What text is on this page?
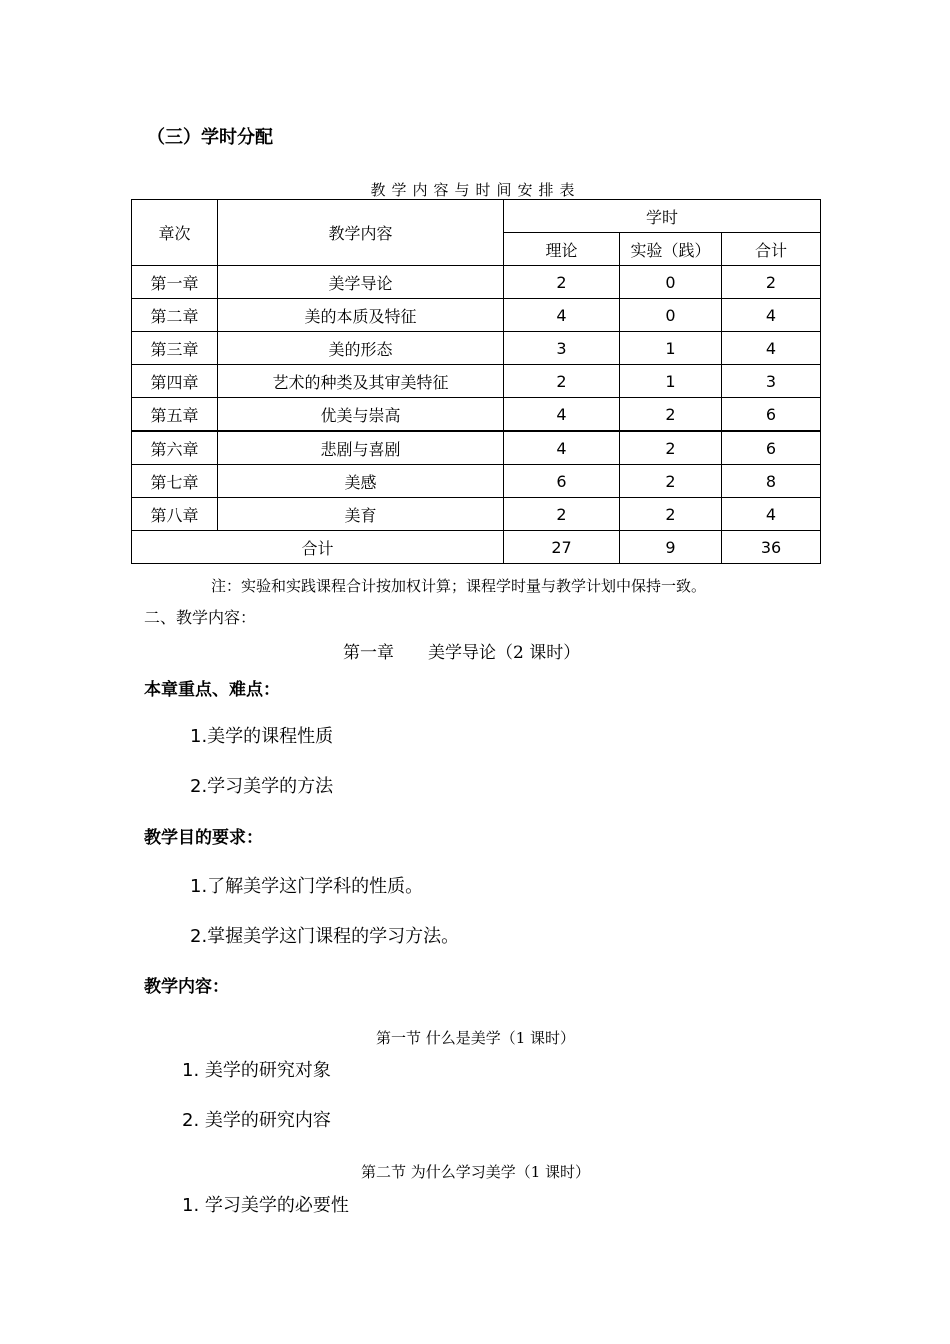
（三）学时分配
教学内容与时间安排表
章次	教学内容	学时		
		理论	实验（践）	合计
第一章	美学导论	2	0	2
第二章	美的本质及特征	4	0	4
第三章	美的形态	3	1	4
第四章	艺术的种类及其审美特征	2	1	3
第五章	优美与崇高	4	2	6
第六章	悲剧与喜剧	4	2	6
第七章	美感	6	2	8
第八章	美育	2	2	4
合计		27	9	36
注：实验和实践课程合计按加权计算；课程学时量与教学计划中保持一致。
二、教学内容：
第一章　　美学导论（2 课时）
本章重点、难点：
1.美学的课程性质
2.学习美学的方法
教学目的要求：
1.了解美学这门学科的性质。
2.掌握美学这门课程的学习方法。
教学内容：
第一节 什么是美学（1 课时）
1. 美学的研究对象
2. 美学的研究内容
第二节 为什么学习美学（1 课时）
1. 学习美学的必要性
